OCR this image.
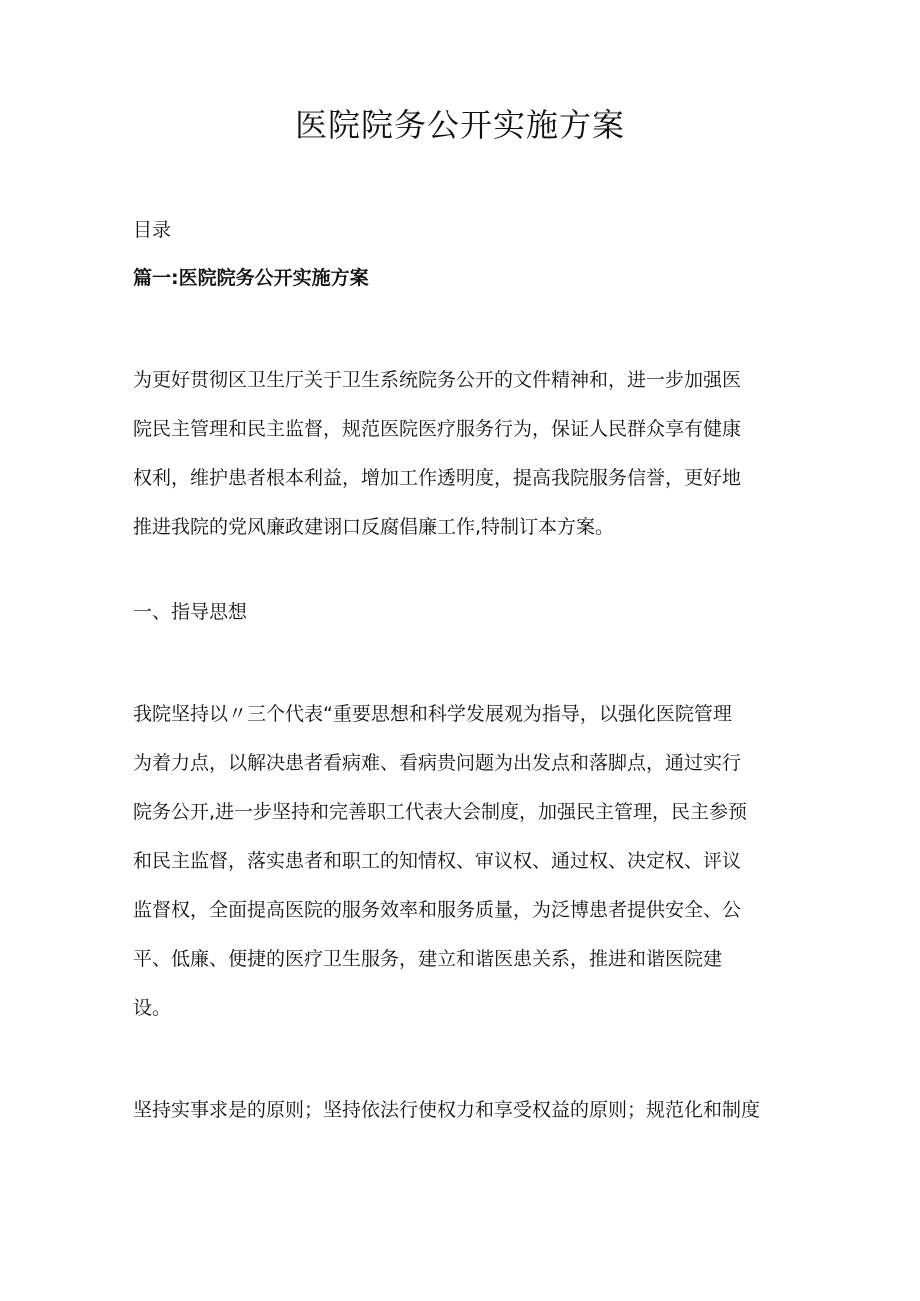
医院院务公开实施方案

目录

篇一:医院院务公开实施方案

为更好贯彻区卫生厅关于卫生系统院务公开的文件精神和，进一步加强医
院民主管理和民主监督，规范医院医疗服务行为，保证人民群众享有健康
权利，维护患者根本利益，增加工作透明度，提高我院服务信誉，更好地
推进我院的党风廉政建诩口反腐倡廉工作,特制订本方案。
一、指导思想
我院坚持以〃三个代表“重要思想和科学发展观为指导，以强化医院管理
为着力点，以解决患者看病难、看病贵问题为出发点和落脚点，通过实行
院务公开,进一步坚持和完善职工代表大会制度，加强民主管理，民主参预
和民主监督，落实患者和职工的知情权、审议权、通过权、决定权、评议
监督权，全面提高医院的服务效率和服务质量，为泛博患者提供安全、公
平、低廉、便捷的医疗卫生服务，建立和谐医患关系，推进和谐医院建
设。
坚持实事求是的原则；坚持依法行使权力和享受权益的原则；规范化和制度
